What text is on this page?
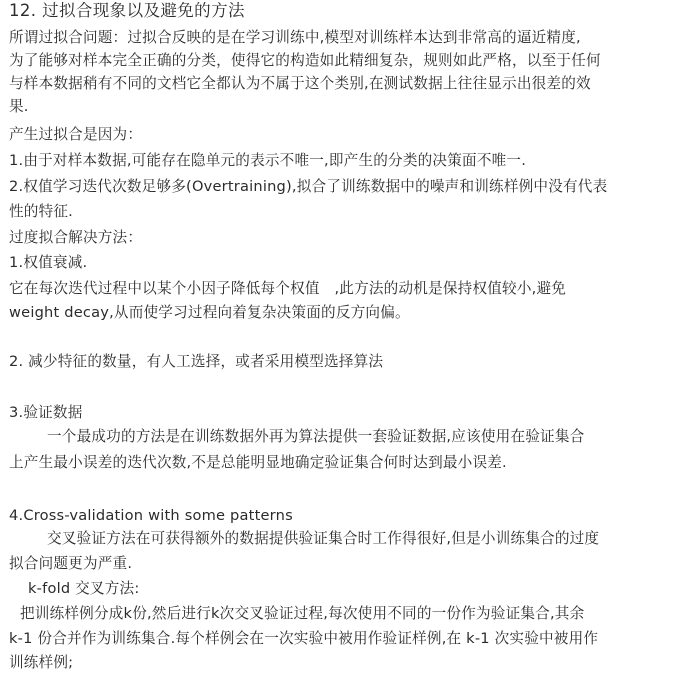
12. 过拟合现象以及避免的方法
所谓过拟合问题：过拟合反映的是在学习训练中,模型对训练样本达到非常高的逼近精度,
为了能够对样本完全正确的分类，使得它的构造如此精细复杂，规则如此严格，以至于任何
与样本数据稍有不同的文档它全都认为不属于这个类别,在测试数据上往往显示出很差的效
果.
产生过拟合是因为：
1.由于对样本数据,可能存在隐单元的表示不唯一,即产生的分类的决策面不唯一.
2.权值学习迭代次数足够多(Overtraining),拟合了训练数据中的噪声和训练样例中没有代表
性的特征.
过度拟合解决方法：
1.权值衰减.
它在每次迭代过程中以某个小因子降低每个权值　,此方法的动机是保持权值较小,避免
weight decay,从而使学习过程向着复杂决策面的反方向偏。
2. 减少特征的数量，有人工选择，或者采用模型选择算法
3.验证数据
一个最成功的方法是在训练数据外再为算法提供一套验证数据,应该使用在验证集合
上产生最小误差的迭代次数,不是总能明显地确定验证集合何时达到最小误差.
4.Cross-validation with some patterns
交叉验证方法在可获得额外的数据提供验证集合时工作得很好,但是小训练集合的过度
拟合问题更为严重.
k-fold 交叉方法:
把训练样例分成k份,然后进行k次交叉验证过程,每次使用不同的一份作为验证集合,其余
k-1 份合并作为训练集合.每个样例会在一次实验中被用作验证样例,在 k-1 次实验中被用作
训练样例;
